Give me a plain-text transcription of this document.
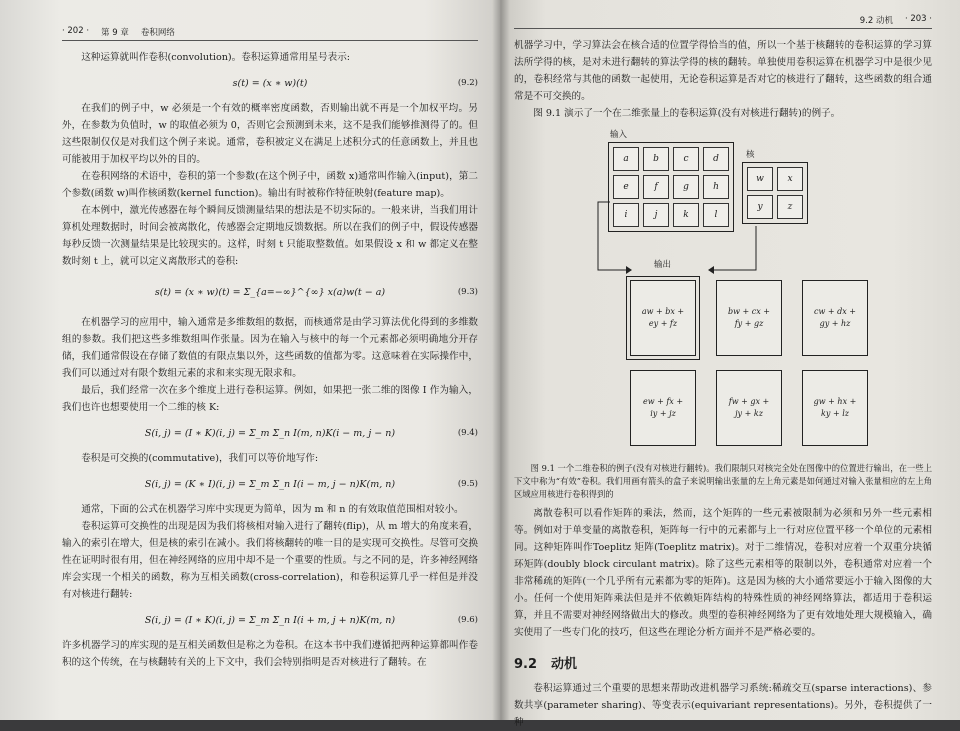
· 202 · 第 9 章 卷积网络

这种运算就叫作卷积(convolution)。卷积运算通常用星号表示:

s(t) = (x ∗ w)(t)	(9.2)

在我们的例子中，w 必须是一个有效的概率密度函数，否则输出就不再是一个加权平均。另外，在参数为负值时，w 的取值必须为 0，否则它会预测到未来，这不是我们能够推测得了的。但这些限制仅仅是对我们这个例子来说。通常，卷积被定义在满足上述积分式的任意函数上，并且也可能被用于加权平均以外的目的。

在卷积网络的术语中，卷积的第一个参数(在这个例子中，函数 x)通常叫作输入(input)，第二个参数(函数 w)叫作核函数(kernel function)。输出有时被称作特征映射(feature map)。

在本例中，激光传感器在每个瞬间反馈测量结果的想法是不切实际的。一般来讲，当我们用计算机处理数据时，时间会被离散化，传感器会定期地反馈数据。所以在我们的例子中，假设传感器每秒反馈一次测量结果是比较现实的。这样，时刻 t 只能取整数值。如果假设 x 和 w 都定义在整数时刻 t 上，就可以定义离散形式的卷积:

s(t) = (x ∗ w)(t) = Σ_{a=−∞}^{∞} x(a)w(t − a)	(9.3)

在机器学习的应用中，输入通常是多维数组的数据，而核通常是由学习算法优化得到的多维数组的参数。我们把这些多维数组叫作张量。因为在输入与核中的每一个元素都必须明确地分开存储，我们通常假设在存储了数值的有限点集以外，这些函数的值都为零。这意味着在实际操作中，我们可以通过对有限个数组元素的求和来实现无限求和。

最后，我们经常一次在多个维度上进行卷积运算。例如，如果把一张二维的图像 I 作为输入，我们也许也想要使用一个二维的核 K:

S(i, j) = (I ∗ K)(i, j) = Σ_m Σ_n I(m, n)K(i − m, j − n)	(9.4)

卷积是可交换的(commutative)，我们可以等价地写作:

S(i, j) = (K ∗ I)(i, j) = Σ_m Σ_n I(i − m, j − n)K(m, n)	(9.5)

通常，下面的公式在机器学习库中实现更为简单，因为 m 和 n 的有效取值范围相对较小。

卷积运算可交换性的出现是因为我们将核相对输入进行了翻转(flip)，从 m 增大的角度来看，输入的索引在增大，但是核的索引在减小。我们将核翻转的唯一目的是实现可交换性。尽管可交换性在证明时很有用，但在神经网络的应用中却不是一个重要的性质。与之不同的是，许多神经网络库会实现一个相关的函数，称为互相关函数(cross-correlation)，和卷积运算几乎一样但是并没有对核进行翻转:

S(i, j) = (I ∗ K)(i, j) = Σ_m Σ_n I(i + m, j + n)K(m, n)	(9.6)

许多机器学习的库实现的是互相关函数但是称之为卷积。在这本书中我们遵循把两种运算都叫作卷积的这个传统，在与核翻转有关的上下文中，我们会特别指明是否对核进行了翻转。在

9.2 动机 · 203 ·

机器学习中，学习算法会在核合适的位置学得恰当的值，所以一个基于核翻转的卷积运算的学习算法所学得的核，是对未进行翻转的算法学得的核的翻转。单独使用卷积运算在机器学习中是很少见的，卷积经常与其他的函数一起使用，无论卷积运算是否对它的核进行了翻转，这些函数的组合通常是不可交换的。

图 9.1 演示了一个在二维张量上的卷积运算(没有对核进行翻转)的例子。

输入
a	b	c	d
e	f	g	h
i	j	k	l
核
w	x
y	z
输出
aw + bx +
ey + fz
bw + cx +
fy + gz
cw + dx +
gy + hz
ew + fx +
iy + jz
fw + gx +
jy + kz
gw + hx +
ky + lz

图 9.1 一个二维卷积的例子(没有对核进行翻转)。我们限制只对核完全处在图像中的位置进行输出，在一些上下文中称为“有效”卷积。我们用画有箭头的盒子来说明输出张量的左上角元素是如何通过对输入张量相应的左上角区域应用核进行卷积得到的

离散卷积可以看作矩阵的乘法，然而，这个矩阵的一些元素被限制为必须和另外一些元素相等。例如对于单变量的离散卷积，矩阵每一行中的元素都与上一行对应位置平移一个单位的元素相同。这种矩阵叫作Toeplitz 矩阵(Toeplitz matrix)。对于二维情况，卷积对应着一个双重分块循环矩阵(doubly block circulant matrix)。除了这些元素相等的限制以外，卷积通常对应着一个非常稀疏的矩阵(一个几乎所有元素都为零的矩阵)。这是因为核的大小通常要远小于输入图像的大小。任何一个使用矩阵乘法但是并不依赖矩阵结构的特殊性质的神经网络算法，都适用于卷积运算，并且不需要对神经网络做出大的修改。典型的卷积神经网络为了更有效地处理大规模输入，确实使用了一些专门化的技巧，但这些在理论分析方面并不是严格必要的。

9.2 动机

卷积运算通过三个重要的思想来帮助改进机器学习系统:稀疏交互(sparse interactions)、参数共享(parameter sharing)、等变表示(equivariant representations)。另外，卷积提供了一种
